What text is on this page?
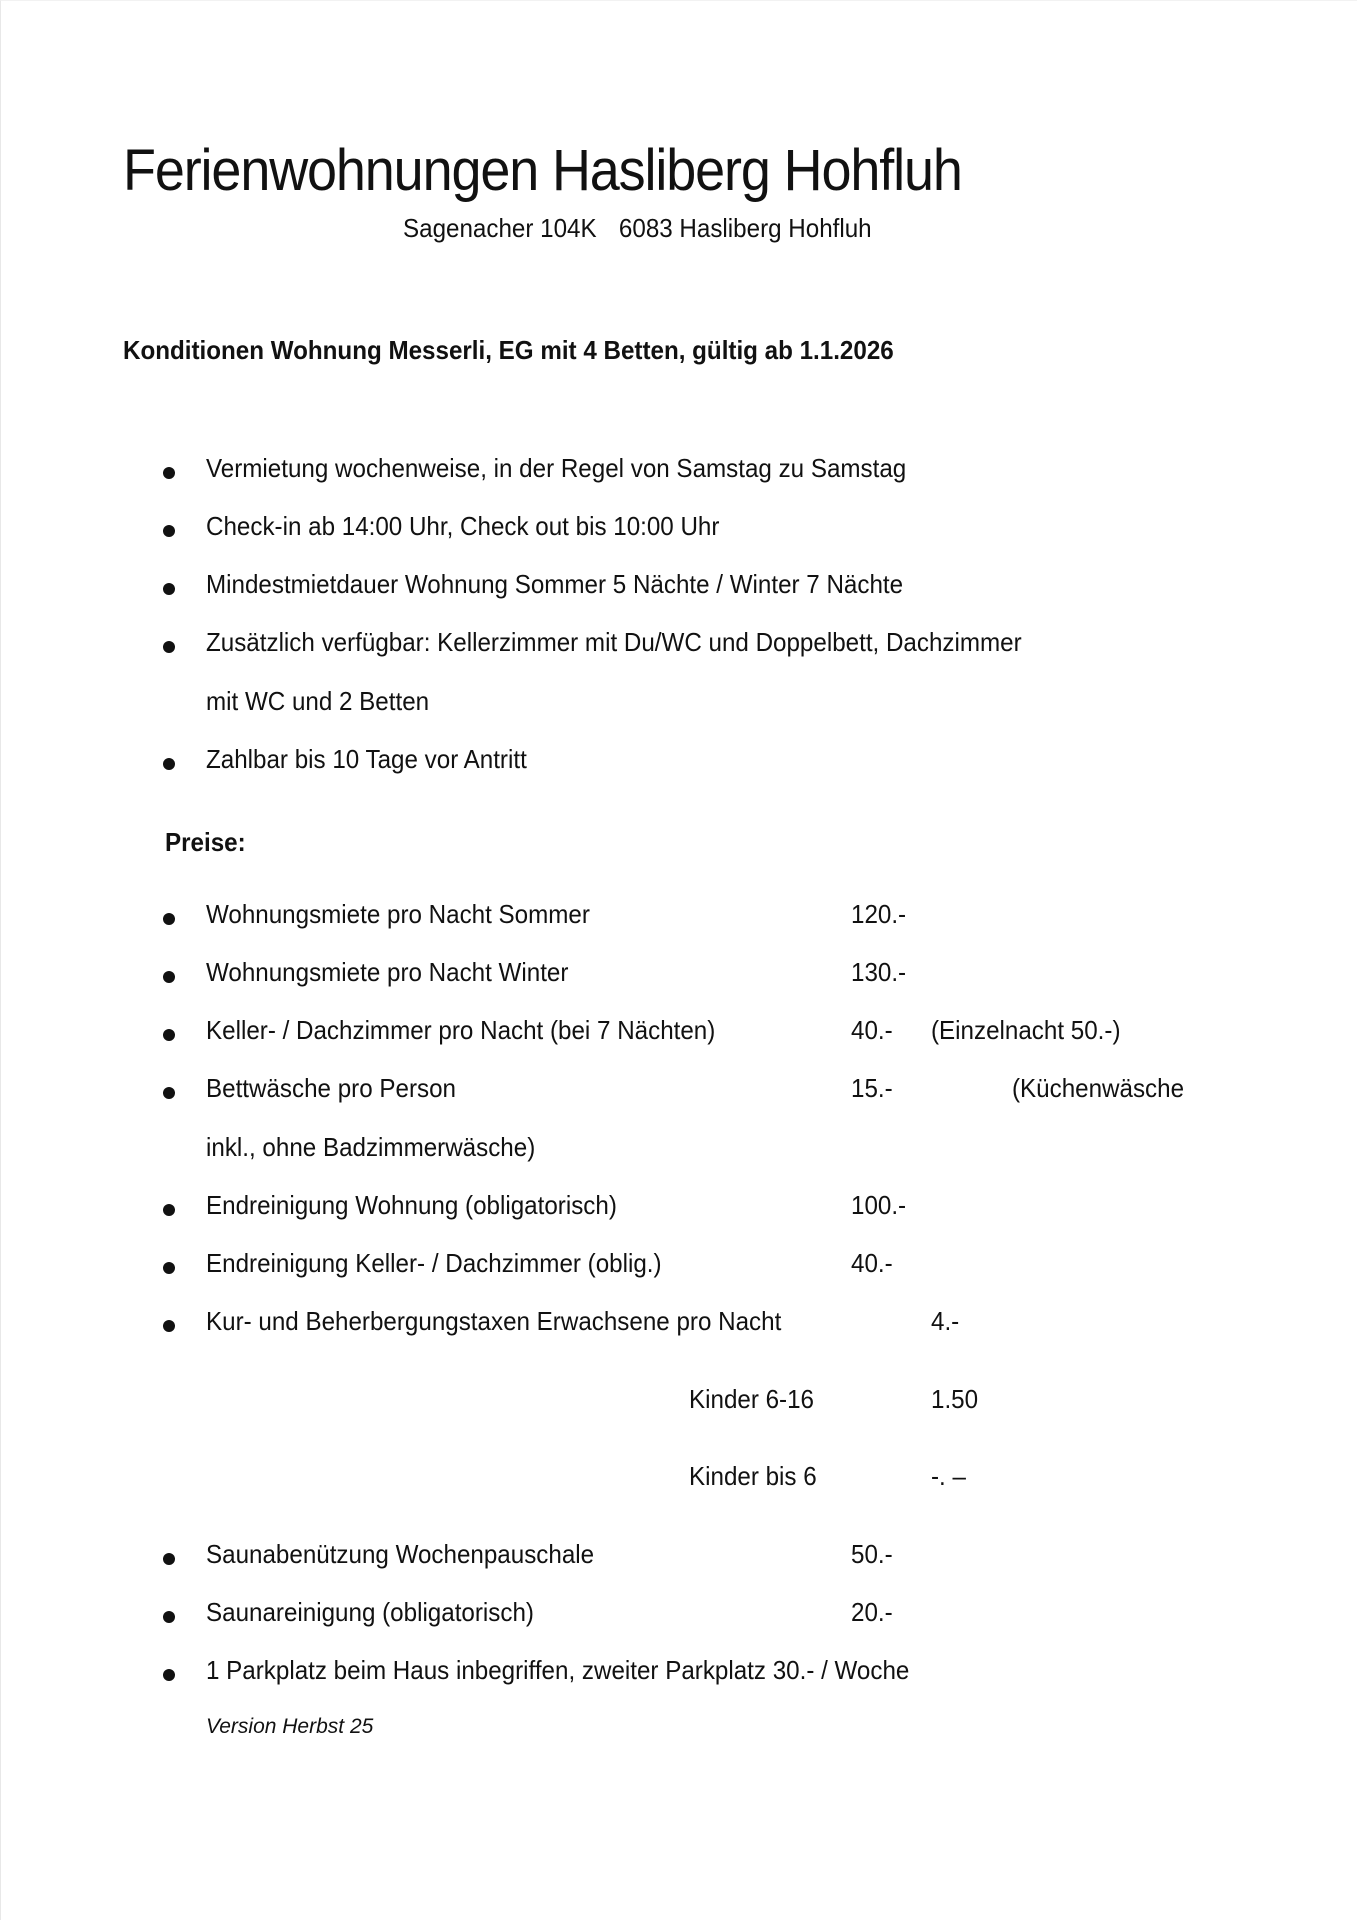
Ferienwohnungen Hasliberg Hohfluh
Sagenacher 104K 6083 Hasliberg Hohfluh
Konditionen Wohnung Messerli, EG mit 4 Betten, gültig ab 1.1.2026
Vermietung wochenweise, in der Regel von Samstag zu Samstag
Check-in ab 14:00 Uhr, Check out bis 10:00 Uhr
Mindestmietdauer Wohnung Sommer 5 Nächte / Winter 7 Nächte
Zusätzlich verfügbar: Kellerzimmer mit Du/WC und Doppelbett, Dachzimmer
mit WC und 2 Betten
Zahlbar bis 10 Tage vor Antritt
Preise:
Wohnungsmiete pro Nacht Sommer	120.-
Wohnungsmiete pro Nacht Winter	130.-
Keller- / Dachzimmer pro Nacht (bei 7 Nächten)	40.- (Einzelnacht 50.-)
Bettwäsche pro Person	15.-	(Küchenwäsche
inkl., ohne Badzimmerwäsche)
Endreinigung Wohnung (obligatorisch)	100.-
Endreinigung Keller- / Dachzimmer (oblig.)	40.-
Kur- und Beherbergungstaxen Erwachsene pro Nacht	4.-
Kinder 6-16	1.50
Kinder bis 6	-. –
Saunabenützung Wochenpauschale	50.-
Saunareinigung (obligatorisch)	20.-
1 Parkplatz beim Haus inbegriffen, zweiter Parkplatz 30.- / Woche
Version Herbst 25
